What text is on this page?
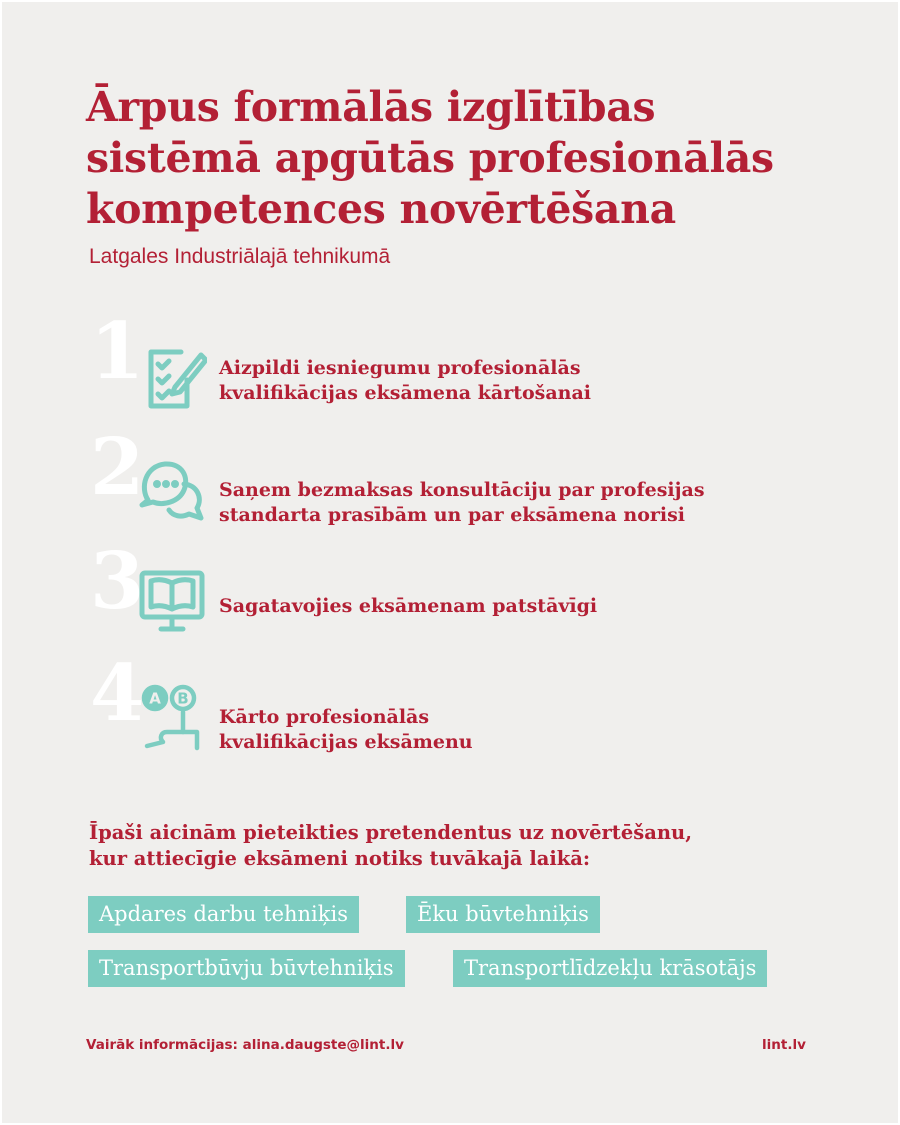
Ārpus formālās izglītības
sistēmā apgūtās profesionālās
kompetences novērtēšana
Latgales Industriālajā tehnikumā
1	Aizpildi iesniegumu profesionālās
kvalifikācijas eksāmena kārtošanai
2	Saņem bezmaksas konsultāciju par profesijas
standarta prasībām un par eksāmena norisi
3	Sagatavojies eksāmenam patstāvīgi
4 A B
Kārto profesionālās
kvalifikācijas eksāmenu
Īpaši aicinām pieteikties pretendentus uz novērtēšanu,
kur attiecīgie eksāmeni notiks tuvākajā laikā:
Apdares darbu tehniķis	Ēku būvtehniķis
Transportbūvju būvtehniķis	Transportlīdzekļu krāsotājs
Vairāk informācijas: alina.daugste@lint.lv	lint.lv
